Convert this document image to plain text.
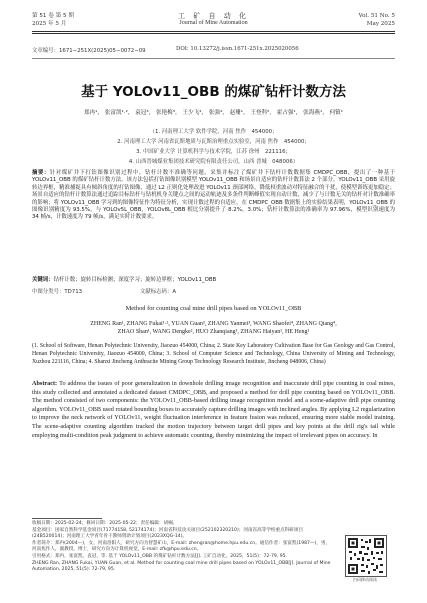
第 51 卷 第 5 期
2025 年 5 月
工 矿 自 动 化
Journal of Mine Automation
Vol. 51 No. 5
May 2025
文章编号：1671−251X(2025)05−0072−09	DOI: 10.13272/j.issn.1671-251x.2025020056
基于 YOLOv11_OBB 的煤矿钻杆计数方法
郑冉¹， 张富凯¹·²， 袁冠³， 张艳梅³， 王少飞⁴， 张强⁴， 赵珊¹， 王登科²， 霍占强¹， 张海燕¹， 何镇¹
（1. 河南理工大学 软件学院，河南 焦作　454000；
2. 河南理工大学 河南省瓦斯地质与瓦斯治理重点实验室，河南 焦作　454000；
3. 中国矿业大学 计算机科学与技术学院，江苏 徐州　221116；
4. 山西晋城煤业集团技术研究院有限责任公司，山西 晋城　048006）
摘要：针对煤矿井下打钻图像识别过程中，钻杆计数不准确等问题，采集并标注了煤矿井下钻杆计数数据集 CMDPC_OBB，提出了一种基于 YOLOv11_OBB 的煤矿钻杆计数方法。该方法包括打钻图像识别模型 YOLOv11_OBB 和场景自适应的钻杆计数算法 2 个部分。YOLOv11_OBB 采用旋转边界框，精准捕捉具有倾斜角度的打钻图像，通过 L2 正则化处理改进 YOLOv11 颈部网络，降低权重波动对特征融合的干扰，使模型训练更加稳定；场景自适应的钻杆计数算法通过追踪目标钻杆与钻机机身关键点之间的运动轨迹及多条件判断峰值实现自动计数，减少了与计数无关的钻杆对计数准确率的影响；将 YOLOv11_OBB 学习到的图像特征作为特征分析，实现计数过程的自适应。在 CMDPC_OBB 数据集上的实验结果表明，YOLOv11_OBB 的图像识别精度为 93.5%，与 YOLOv5L_OBB，YOLOv8L_OBB 相比分别提升了 8.2%，3.0%；钻杆计数算法的准确率为 97.96%，模型识别速度为 34 帧/s，计数速度为 79 帧/s，满足实时计数要求。
关键词：钻杆计数；旋转目标检测；深度学习；旋转边界框；YOLOv11_OBB
中图分类号：TD713	文献标志码：A
Method for counting coal mine drill pipes based on YOLOv11_OBB
ZHENG Ran¹, ZHANG Fukai¹·², YUAN Guan³, ZHANG Yanmei³, WANG Shaofei⁴, ZHANG Qiang⁴,
ZHAO Shan¹, WANG Dengke², HUO Zhanqiang¹, ZHANG Haiyan¹, HE Heng¹
(1. School of Software, Henan Polytechnic University, Jiaozuo 454000, China; 2. State Key Laboratory Cultivation Base for Gas Geology and Gas Control, Henan Polytechnic University, Jiaozuo 454000, China; 3. School of Computer Science and Technology, China University of Mining and Technology, Xuzhou 221116, China; 4. Shanxi Jincheng Anthracite Mining Group Technology Research Institute, Jincheng 048006, China)
Abstract: To address the issues of poor generalization in downhole drilling image recognition and inaccurate drill pipe counting in coal mines, this study collected and annotated a dedicated dataset CMDPC_OBB, and proposed a method for drill pipe counting based on YOLOv11_OBB. The method consisted of two components: the YOLOv11_OBB-based drilling image recognition model and a scene-adaptive drill pipe counting algorithm. YOLOv11_OBB used rotated bounding boxes to accurately capture drilling images with inclined angles. By applying L2 regularization to improve the neck network of YOLOv11, weight fluctuation interference in feature fusion was reduced, ensuring more stable model training. The scene-adaptive counting algorithm tracked the motion trajectory between target drill pipes and key points at the drill rig's tail while employing multi-condition peak judgment to achieve automatic counting, thereby minimizing the impact of irrelevant pipes on accuracy. In
收稿日期：2025-02-24；修回日期：2025-05-22；责任编辑：胡娴。
基金项目：国家自然科学基金项目(71774158, 52174174)；河南省科技攻关项目(252102320210)；河南省高等学校重点科研项目(24B520014)；河南理工大学青年骨干教师资助计划项目(2023XQG-14)。
作者简介：郑冉(2004—)，女，河南洛阳人，研究方向为智慧矿山，E-mail: zhengran@home.hpu.edu.cn。通信作者：张富凯(1987—)，男，河南焦作人，副教授，博士，研究方向为计算机视觉，E-mail: zfk@hpu.edu.cn。
引用格式：郑冉，张富凯，袁冠，等. 基于 YOLOv11_OBB 的煤矿钻杆计数方法[J]. 工矿自动化，2025，51(5)：72-79, 95.
ZHENG Ran, ZHANG Fukai, YUAN Guan, et al. Method for counting coal mine drill pipes based on YOLOv11_OBB[J]. Journal of Mine Automation, 2025, 51(5): 72-79, 95.
扫码移动阅读
